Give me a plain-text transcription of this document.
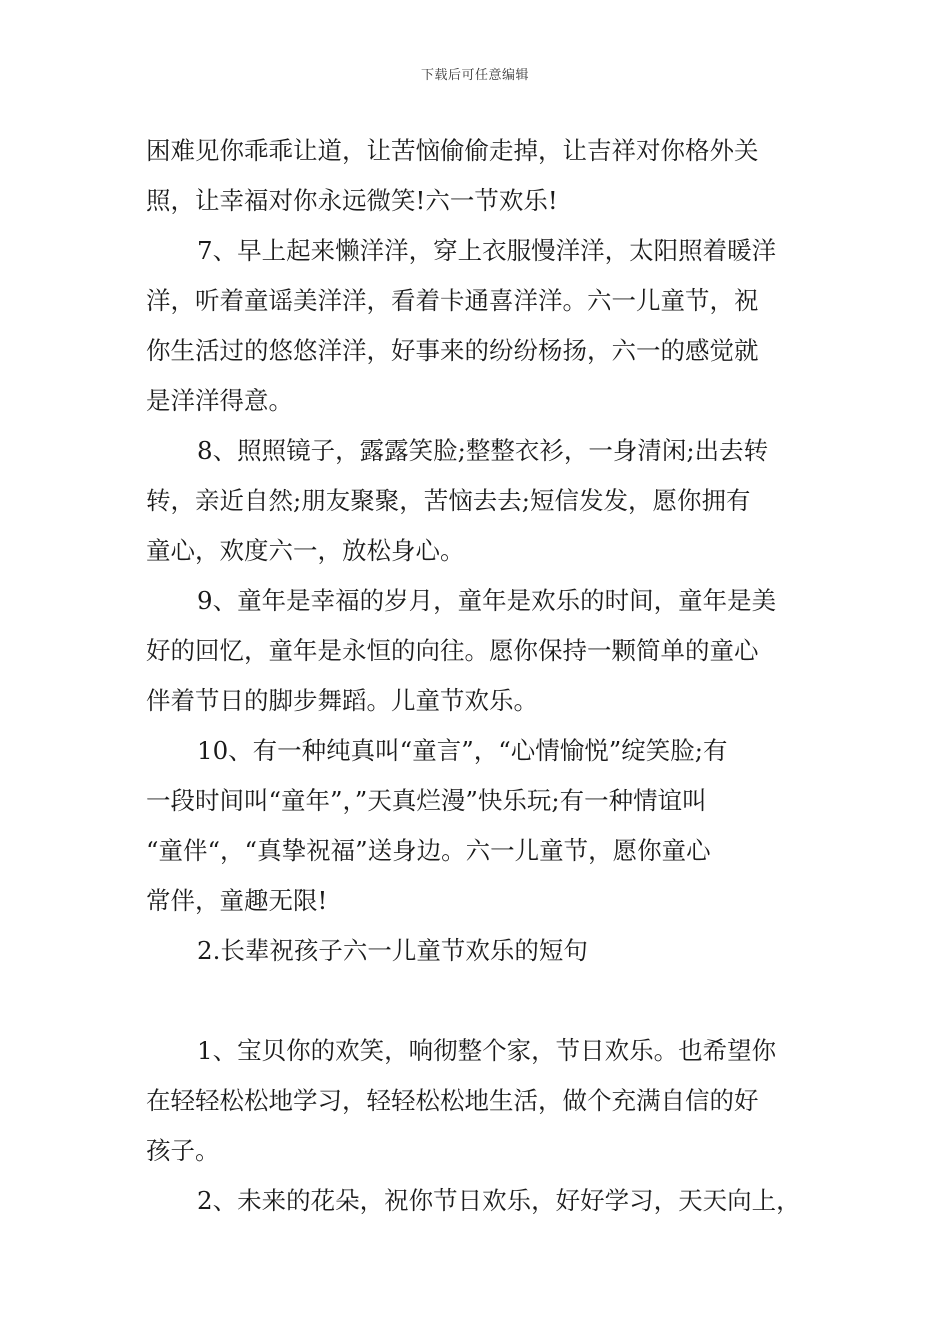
下载后可任意编辑
困难见你乖乖让道，让苦恼偷偷走掉，让吉祥对你格外关
照，让幸福对你永远微笑!六一节欢乐!
7、早上起来懒洋洋，穿上衣服慢洋洋，太阳照着暖洋
洋，听着童谣美洋洋，看着卡通喜洋洋。六一儿童节，祝
你生活过的悠悠洋洋，好事来的纷纷杨扬，六一的感觉就
是洋洋得意。
8、照照镜子，露露笑脸;整整衣衫，一身清闲;出去转
转，亲近自然;朋友聚聚，苦恼去去;短信发发，愿你拥有
童心，欢度六一，放松身心。
9、童年是幸福的岁月，童年是欢乐的时间，童年是美
好的回忆，童年是永恒的向往。愿你保持一颗简单的童心
伴着节日的脚步舞蹈。儿童节欢乐。
10、有一种纯真叫“童言”，“心情愉悦”绽笑脸;有
一段时间叫“童年”，”天真烂漫”快乐玩;有一种情谊叫
“童伴“，“真挚祝福”送身边。六一儿童节，愿你童心
常伴，童趣无限!
2.长辈祝孩子六一儿童节欢乐的短句
1、宝贝你的欢笑，响彻整个家，节日欢乐。也希望你
在轻轻松松地学习，轻轻松松地生活，做个充满自信的好
孩子。
2、未来的花朵，祝你节日欢乐，好好学习，天天向上，
